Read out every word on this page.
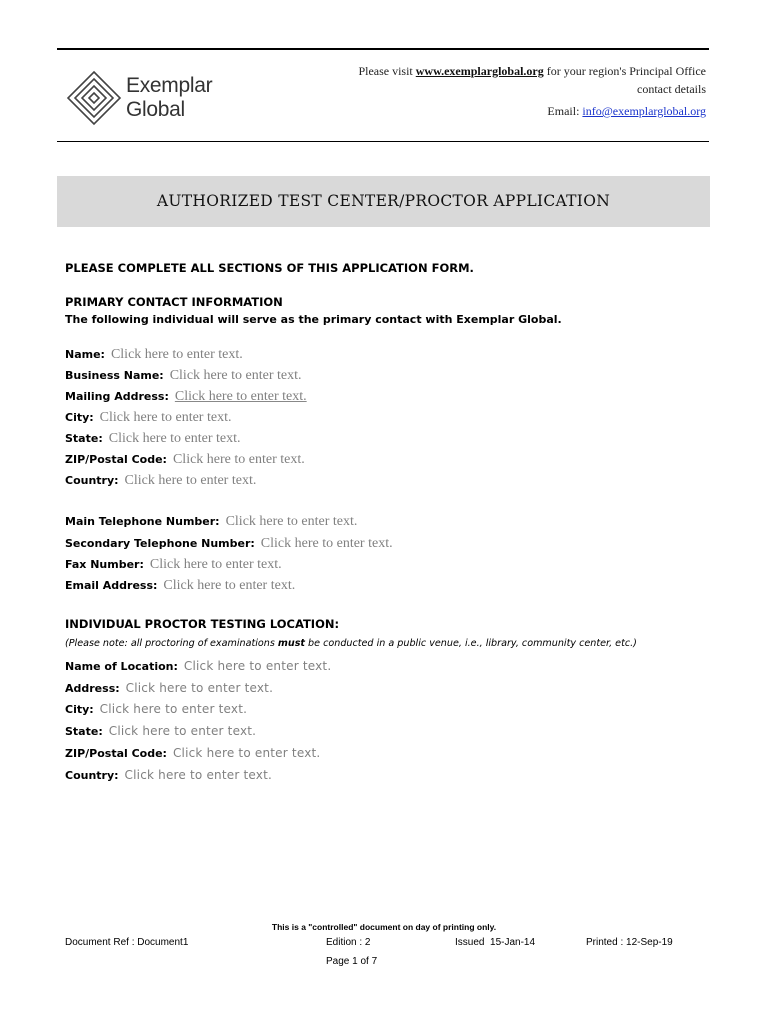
Exemplar
Global
Please visit www.exemplarglobal.org for your region's Principal Office
contact details
Email: info@exemplarglobal.org
AUTHORIZED TEST CENTER/PROCTOR APPLICATION
PLEASE COMPLETE ALL SECTIONS OF THIS APPLICATION FORM.
PRIMARY CONTACT INFORMATION
The following individual will serve as the primary contact with Exemplar Global.
Name: Click here to enter text.
Business Name: Click here to enter text.
Mailing Address: Click here to enter text.
City: Click here to enter text.
State: Click here to enter text.
ZIP/Postal Code: Click here to enter text.
Country: Click here to enter text.
Main Telephone Number: Click here to enter text.
Secondary Telephone Number: Click here to enter text.
Fax Number: Click here to enter text.
Email Address: Click here to enter text.
INDIVIDUAL PROCTOR TESTING LOCATION:
(Please note: all proctoring of examinations must be conducted in a public venue, i.e., library, community center, etc.)
Name of Location: Click here to enter text.
Address: Click here to enter text.
City: Click here to enter text.
State: Click here to enter text.
ZIP/Postal Code: Click here to enter text.
Country: Click here to enter text.
This is a "controlled" document on day of printing only.
Document Ref : Document1	Edition : 2	Issued  15-Jan-14	Printed : 12-Sep-19
Page 1 of 7
